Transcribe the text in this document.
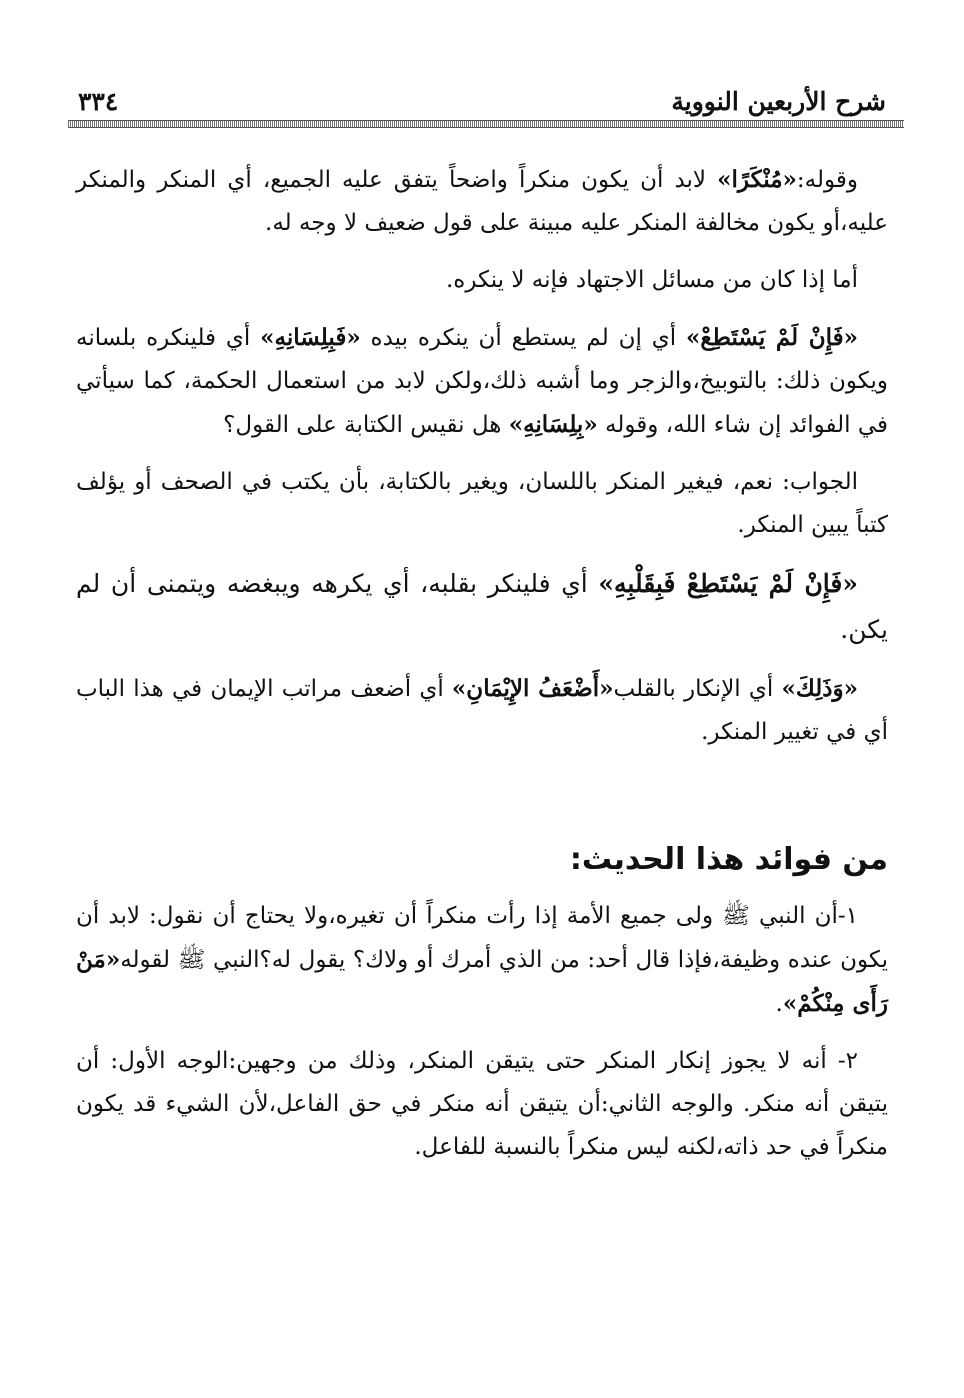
شرح الأربعين النووية
٣٣٤

وقوله:«مُنْكَرًا» لابد أن يكون منكراً واضحاً يتفق عليه الجميع، أي المنكر والمنكر عليه،أو يكون مخالفة المنكر عليه مبينة على قول ضعيف لا وجه له.

أما إذا كان من مسائل الاجتهاد فإنه لا ينكره.

«فَإِنْ لَمْ يَسْتَطِعْ» أي إن لم يستطع أن ينكره بيده «فَبِلِسَانِهِ» أي فلينكره بلسانه ويكون ذلك: بالتوبيخ،والزجر وما أشبه ذلك،ولكن لابد من استعمال الحكمة، كما سيأتي في الفوائد إن شاء الله، وقوله «بِلِسَانِهِ» هل نقيس الكتابة على القول؟

الجواب: نعم، فيغير المنكر باللسان، ويغير بالكتابة، بأن يكتب في الصحف أو يؤلف كتباً يبين المنكر.

«فَإِنْ لَمْ يَسْتَطِعْ فَبِقَلْبِهِ» أي فلينكر بقلبه، أي يكرهه ويبغضه ويتمنى أن لم يكن.

«وَذَلِكَ» أي الإنكار بالقلب«أَضْعَفُ الإِيْمَانِ» أي أضعف مراتب الإيمان في هذا الباب أي في تغيير المنكر.

من فوائد هذا الحديث:

١-أن النبي ﷺ ولى جميع الأمة إذا رأت منكراً أن تغيره،ولا يحتاج أن نقول: لابد أن يكون عنده وظيفة،فإذا قال أحد: من الذي أمرك أو ولاك؟ يقول له؟النبي ﷺ لقوله«مَنْ رَأَى مِنْكُمْ».

٢- أنه لا يجوز إنكار المنكر حتى يتيقن المنكر، وذلك من وجهين:الوجه الأول: أن يتيقن أنه منكر. والوجه الثاني:أن يتيقن أنه منكر في حق الفاعل،لأن الشيء قد يكون منكراً في حد ذاته،لكنه ليس منكراً بالنسبة للفاعل.
